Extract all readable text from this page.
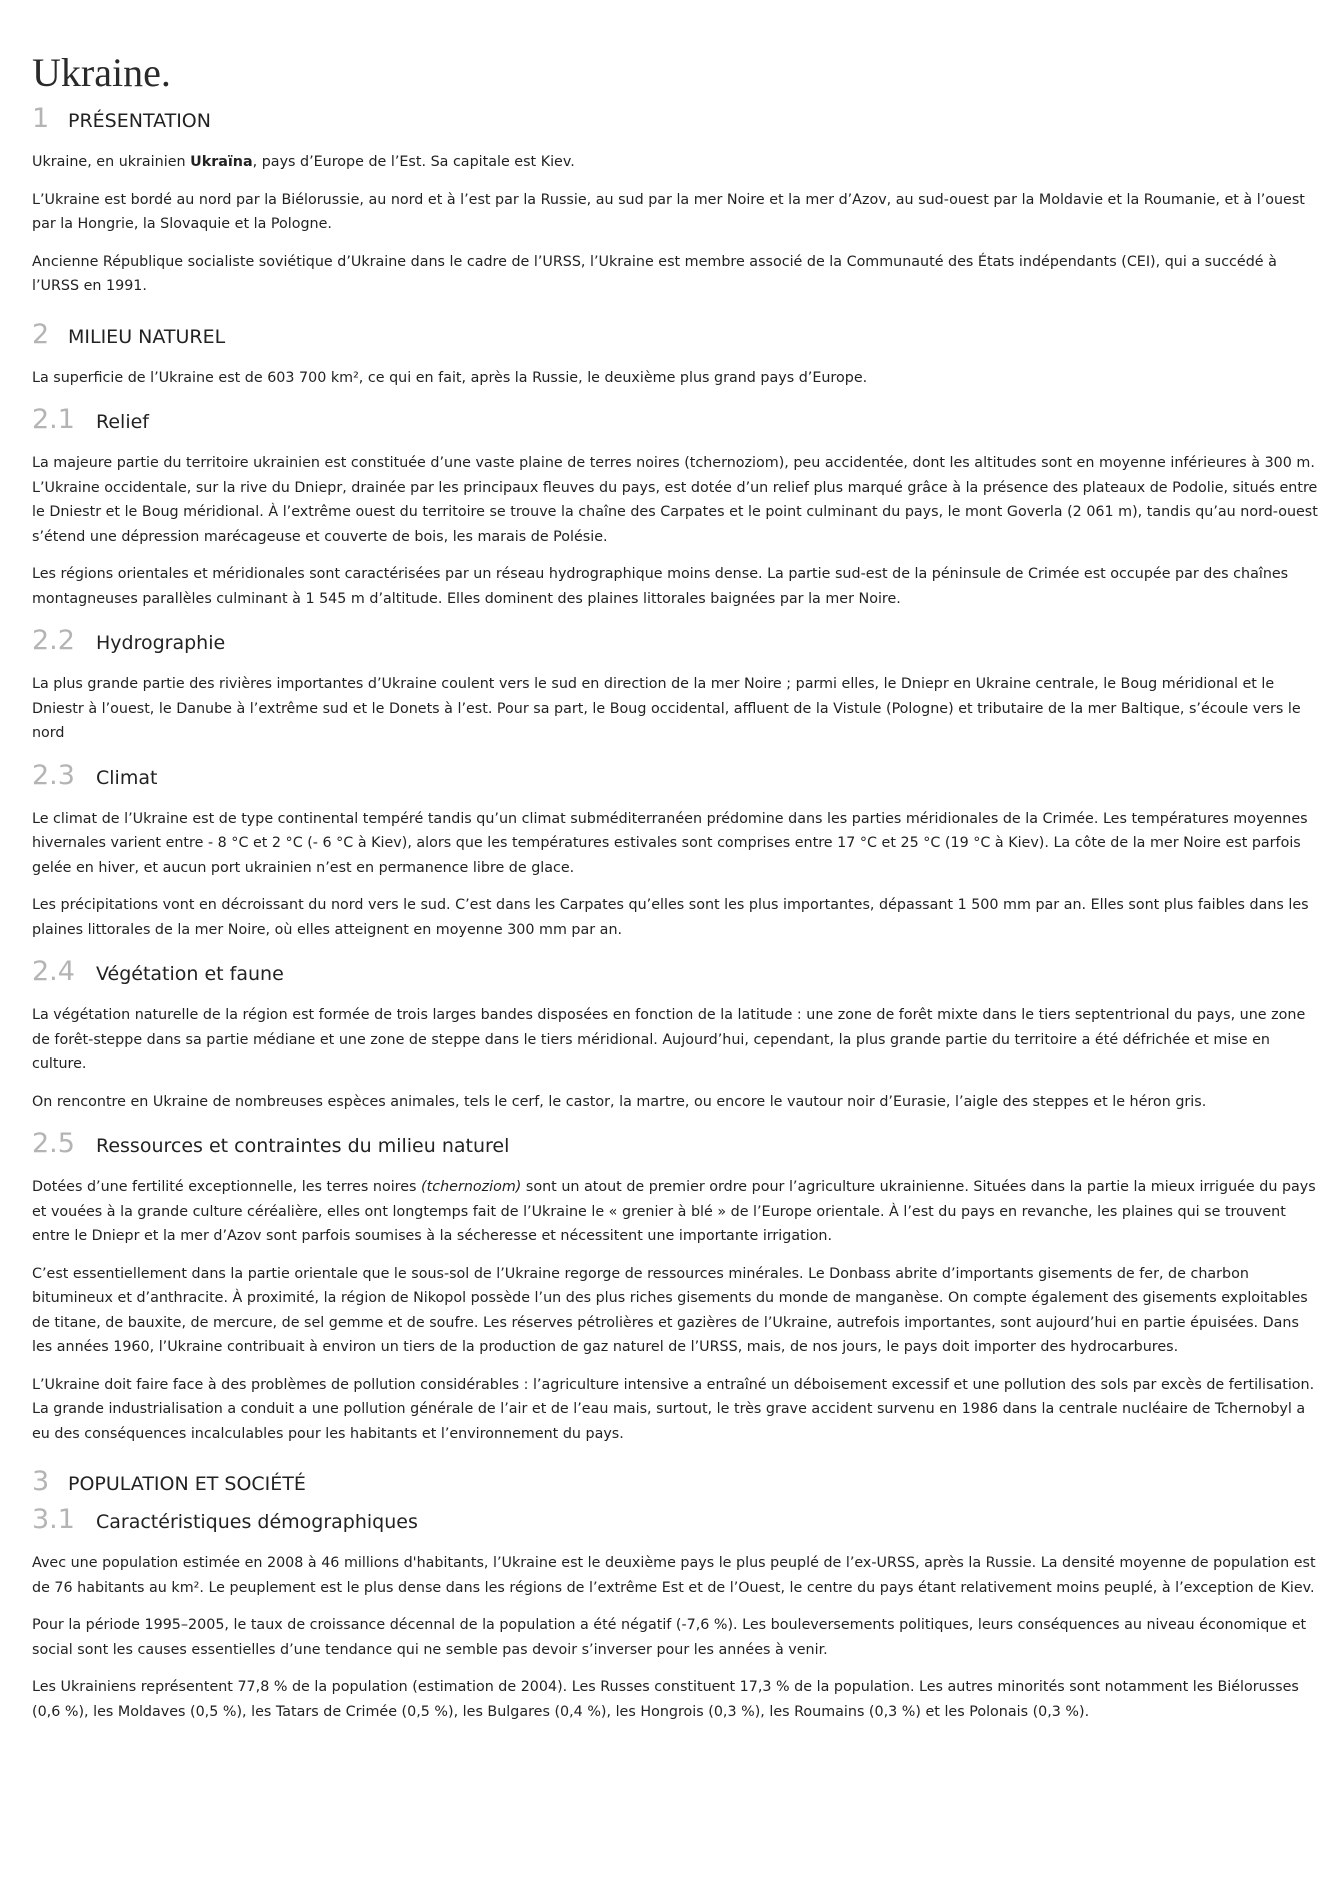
Ukraine.
1 PRÉSENTATION

Ukraine, en ukrainien Ukraïna, pays d’Europe de l’Est. Sa capitale est Kiev.

L’Ukraine est bordé au nord par la Biélorussie, au nord et à l’est par la Russie, au sud par la mer Noire et la mer d’Azov, au sud-ouest par la Moldavie et la Roumanie, et à l’ouest par la Hongrie, la Slovaquie et la Pologne.

Ancienne République socialiste soviétique d’Ukraine dans le cadre de l’URSS, l’Ukraine est membre associé de la Communauté des États indépendants (CEI), qui a succédé à l’URSS en 1991.

2 MILIEU NATUREL

La superficie de l’Ukraine est de 603 700 km², ce qui en fait, après la Russie, le deuxième plus grand pays d’Europe.

2.1	Relief

La majeure partie du territoire ukrainien est constituée d’une vaste plaine de terres noires (tchernoziom), peu accidentée, dont les altitudes sont en moyenne inférieures à 300 m. L’Ukraine occidentale, sur la rive du Dniepr, drainée par les principaux fleuves du pays, est dotée d’un relief plus marqué grâce à la présence des plateaux de Podolie, situés entre le Dniestr et le Boug méridional. À l’extrême ouest du territoire se trouve la chaîne des Carpates et le point culminant du pays, le mont Goverla (2 061 m), tandis qu’au nord-ouest s’étend une dépression marécageuse et couverte de bois, les marais de Polésie.

Les régions orientales et méridionales sont caractérisées par un réseau hydrographique moins dense. La partie sud-est de la péninsule de Crimée est occupée par des chaînes montagneuses parallèles culminant à 1 545 m d’altitude. Elles dominent des plaines littorales baignées par la mer Noire.

2.2	Hydrographie

La plus grande partie des rivières importantes d’Ukraine coulent vers le sud en direction de la mer Noire ; parmi elles, le Dniepr en Ukraine centrale, le Boug méridional et le Dniestr à l’ouest, le Danube à l’extrême sud et le Donets à l’est. Pour sa part, le Boug occidental, affluent de la Vistule (Pologne) et tributaire de la mer Baltique, s’écoule vers le nord

2.3	Climat

Le climat de l’Ukraine est de type continental tempéré tandis qu’un climat subméditerranéen prédomine dans les parties méridionales de la Crimée. Les températures moyennes hivernales varient entre - 8 °C et 2 °C (- 6 °C à Kiev), alors que les températures estivales sont comprises entre 17 °C et 25 °C (19 °C à Kiev). La côte de la mer Noire est parfois gelée en hiver, et aucun port ukrainien n’est en permanence libre de glace.

Les précipitations vont en décroissant du nord vers le sud. C’est dans les Carpates qu’elles sont les plus importantes, dépassant 1 500 mm par an. Elles sont plus faibles dans les plaines littorales de la mer Noire, où elles atteignent en moyenne 300 mm par an.

2.4	Végétation et faune

La végétation naturelle de la région est formée de trois larges bandes disposées en fonction de la latitude : une zone de forêt mixte dans le tiers septentrional du pays, une zone de forêt-steppe dans sa partie médiane et une zone de steppe dans le tiers méridional. Aujourd’hui, cependant, la plus grande partie du territoire a été défrichée et mise en culture.

On rencontre en Ukraine de nombreuses espèces animales, tels le cerf, le castor, la martre, ou encore le vautour noir d’Eurasie, l’aigle des steppes et le héron gris.

2.5	Ressources et contraintes du milieu naturel

Dotées d’une fertilité exceptionnelle, les terres noires (tchernoziom) sont un atout de premier ordre pour l’agriculture ukrainienne. Situées dans la partie la mieux irriguée du pays et vouées à la grande culture céréalière, elles ont longtemps fait de l’Ukraine le « grenier à blé » de l’Europe orientale. À l’est du pays en revanche, les plaines qui se trouvent entre le Dniepr et la mer d’Azov sont parfois soumises à la sécheresse et nécessitent une importante irrigation.

C’est essentiellement dans la partie orientale que le sous-sol de l’Ukraine regorge de ressources minérales. Le Donbass abrite d’importants gisements de fer, de charbon bitumineux et d’anthracite. À proximité, la région de Nikopol possède l’un des plus riches gisements du monde de manganèse. On compte également des gisements exploitables de titane, de bauxite, de mercure, de sel gemme et de soufre. Les réserves pétrolières et gazières de l’Ukraine, autrefois importantes, sont aujourd’hui en partie épuisées. Dans les années 1960, l’Ukraine contribuait à environ un tiers de la production de gaz naturel de l’URSS, mais, de nos jours, le pays doit importer des hydrocarbures.

L’Ukraine doit faire face à des problèmes de pollution considérables : l’agriculture intensive a entraîné un déboisement excessif et une pollution des sols par excès de fertilisation. La grande industrialisation a conduit a une pollution générale de l’air et de l’eau mais, surtout, le très grave accident survenu en 1986 dans la centrale nucléaire de Tchernobyl a eu des conséquences incalculables pour les habitants et l’environnement du pays.

3 POPULATION ET SOCIÉTÉ
3.1	Caractéristiques démographiques

Avec une population estimée en 2008 à 46 millions d'habitants, l’Ukraine est le deuxième pays le plus peuplé de l’ex-URSS, après la Russie. La densité moyenne de population est de 76 habitants au km². Le peuplement est le plus dense dans les régions de l’extrême Est et de l’Ouest, le centre du pays étant relativement moins peuplé, à l’exception de Kiev.

Pour la période 1995–2005, le taux de croissance décennal de la population a été négatif (-7,6 %). Les bouleversements politiques, leurs conséquences au niveau économique et social sont les causes essentielles d’une tendance qui ne semble pas devoir s’inverser pour les années à venir.

Les Ukrainiens représentent 77,8 % de la population (estimation de 2004). Les Russes constituent 17,3 % de la population. Les autres minorités sont notamment les Biélorusses (0,6 %), les Moldaves (0,5 %), les Tatars de Crimée (0,5 %), les Bulgares (0,4 %), les Hongrois (0,3 %), les Roumains (0,3 %) et les Polonais (0,3 %).
